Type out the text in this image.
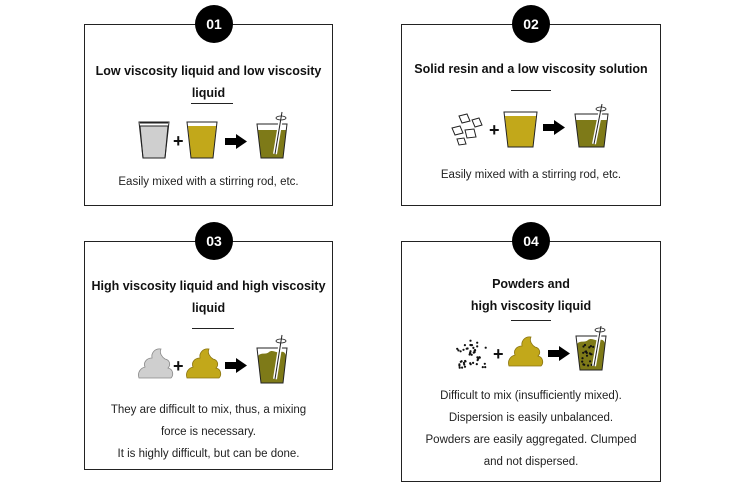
01
Low viscosity liquid and low viscosity
liquid
+
Easily mixed with a stirring rod, etc.
02
Solid resin and a low viscosity solution
+
Easily mixed with a stirring rod, etc.
03
High viscosity liquid and high viscosity
liquid
+
They are difficult to mix, thus, a mixing
force is necessary.
It is highly difficult, but can be done.
04
Powders and
high viscosity liquid
+
Difficult to mix (insufficiently mixed).
Dispersion is easily unbalanced.
Powders are easily aggregated. Clumped
and not dispersed.
